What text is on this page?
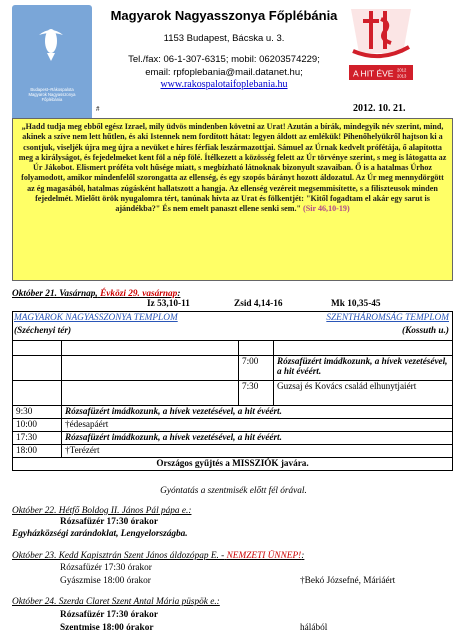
Budapest–Rákospalota
Magyarok Nagyasszonya
Főplébánia
Magyarok Nagyasszonya Főplébánia
1153 Budapest, Bácska u. 3.
Tel./fax: 06-1-307-6315; mobil: 06203574229;
email: rpfoplebania@mail.datanet.hu;
www.rakospalotaifoplebania.hu
A HIT ÉVE 2012
2013
#	2012. 10. 21.
„Hadd tudja meg ebből egész Izrael, mily üdvös mindenben követni az Urat! Azután a bírák, mindegyik név szerint, mind, akinek a szíve nem lett hűtlen, és aki Istennek nem fordított hátat: legyen áldott az emlékük! Pihenőhelyükről hajtson ki a csontjuk, viseljék újra meg újra a nevüket e híres férfiak leszármazottjai. Sámuel az Úrnak kedvelt prófétája, ő alapította meg a királyságot, és fejedelmeket kent föl a nép fölé. Ítélkezett a közösség felett az Úr törvénye szerint, s meg is látogatta az Úr Jákobot. Elismert próféta volt hűsége miatt, s megbízható látnoknak bizonyult szavaiban. Ő is a hatalmas Úrhoz folyamodott, amikor mindenfelől szorongatta az ellenség, és egy szopós bárányt hozott áldozatul. Az Úr meg mennydörgött az ég magasából, hatalmas zúgásként hallatszott a hangja. Az ellenség vezéreit megsemmisítette, s a filiszteusok minden fejedelmét. Mielőtt örök nyugalomra tért, tanúnak hívta az Urat és fölkentjét: "Kitől fogadtam el akár egy sarut is ajándékba?" És nem emelt panaszt ellene senki sem." (Sir 46,10-19)
Október 21. Vasárnap, Évközi 29. vasárnap:
Iz 53,10-11	Zsid 4,14-16	Mk 10,35-45
MAGYAROK NAGYASSZONYA TEMPLOM
(Széchenyi tér)
SZENTHÁROMSÁG TEMPLOM
(Kossuth u.)

		7:00	Rózsafüzért imádkozunk, a hívek vezetésével, a hit évéért.
		7:30	Guzsaj és Kovács család elhunytjaiért
9:30	Rózsafüzért imádkozunk, a hívek vezetésével, a hit évéért.		
10:00	†édesapáért		
17:30	Rózsafüzért imádkozunk, a hívek vezetésével, a hit évéért.		
18:00	†Terézért		
Országos gyűjtés a MISSZIÓK javára.			
Gyóntatás a szentmisék előtt fél órával.
Október 22. Hétfő Boldog II. János Pál pápa e.:
Rózsafüzér 17:30 órakor
Egyházközségi zarándoklat, Lengyelországba.
Október 23. Kedd Kapisztrán Szent János áldozópap E. - NEMZETI ÜNNEP!:
Rózsafüzér 17:30 órakor
Gyászmise 18:00 órakor	†Bekó Józsefné, Máriáért
Október 24. Szerda Claret Szent Antal Mária püspök e.:
Rózsafüzér 17:30 órakor
Szentmise 18:00 órakor	hálából
